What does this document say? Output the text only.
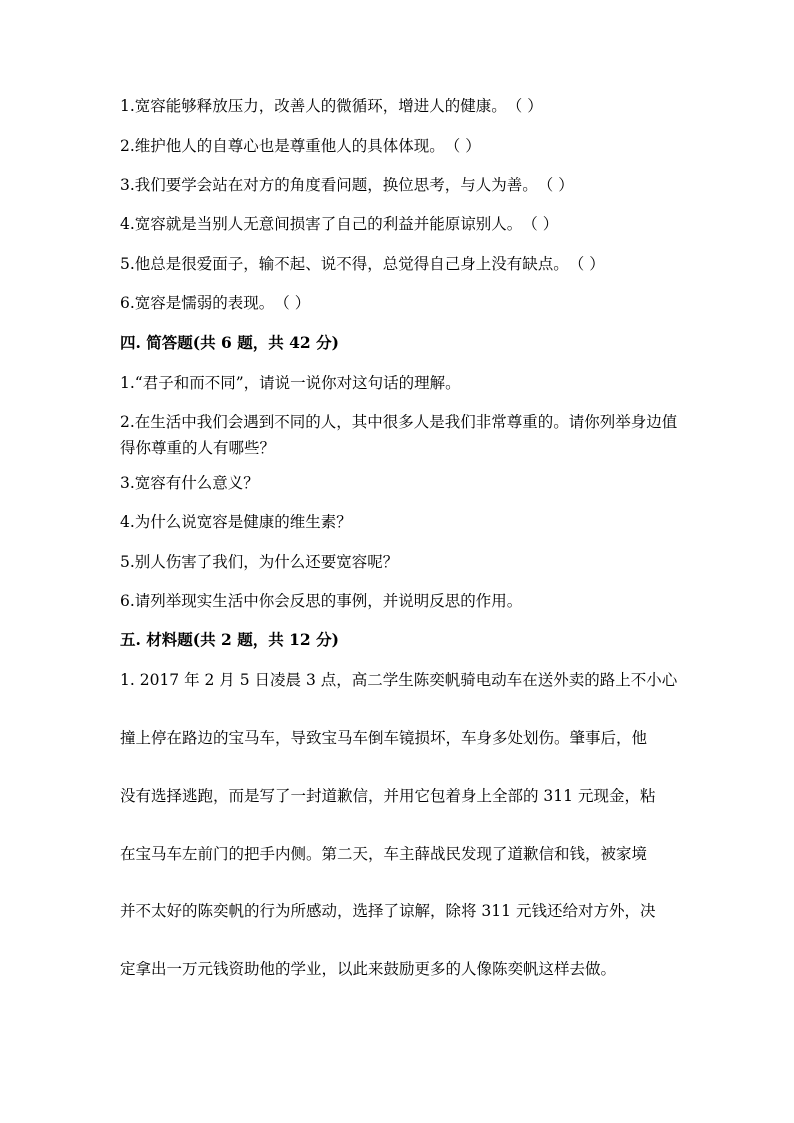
1.宽容能够释放压力，改善人的微循环，增进人的健康。（ ）
2.维护他人的自尊心也是尊重他人的具体体现。（ ）
3.我们要学会站在对方的角度看问题，换位思考，与人为善。（ ）
4.宽容就是当别人无意间损害了自己的利益并能原谅别人。（ ）
5.他总是很爱面子，输不起、说不得，总觉得自己身上没有缺点。（ ）
6.宽容是懦弱的表现。（ ）
四. 简答题(共 6 题，共 42 分)
1.“君子和而不同”，请说一说你对这句话的理解。
2.在生活中我们会遇到不同的人，其中很多人是我们非常尊重的。请你列举身边值得你尊重的人有哪些？
3.宽容有什么意义？
4.为什么说宽容是健康的维生素？
5.别人伤害了我们，为什么还要宽容呢？
6.请列举现实生活中你会反思的事例，并说明反思的作用。
五. 材料题(共 2 题，共 12 分)
1. 2017 年 2 月 5 日凌晨 3 点，高二学生陈奕帆骑电动车在送外卖的路上不小心
撞上停在路边的宝马车，导致宝马车倒车镜损坏，车身多处划伤。肇事后，他
没有选择逃跑，而是写了一封道歉信，并用它包着身上全部的 311 元现金，粘
在宝马车左前门的把手内侧。第二天，车主薛战民发现了道歉信和钱，被家境
并不太好的陈奕帆的行为所感动，选择了谅解，除将 311 元钱还给对方外，决
定拿出一万元钱资助他的学业，以此来鼓励更多的人像陈奕帆这样去做。
